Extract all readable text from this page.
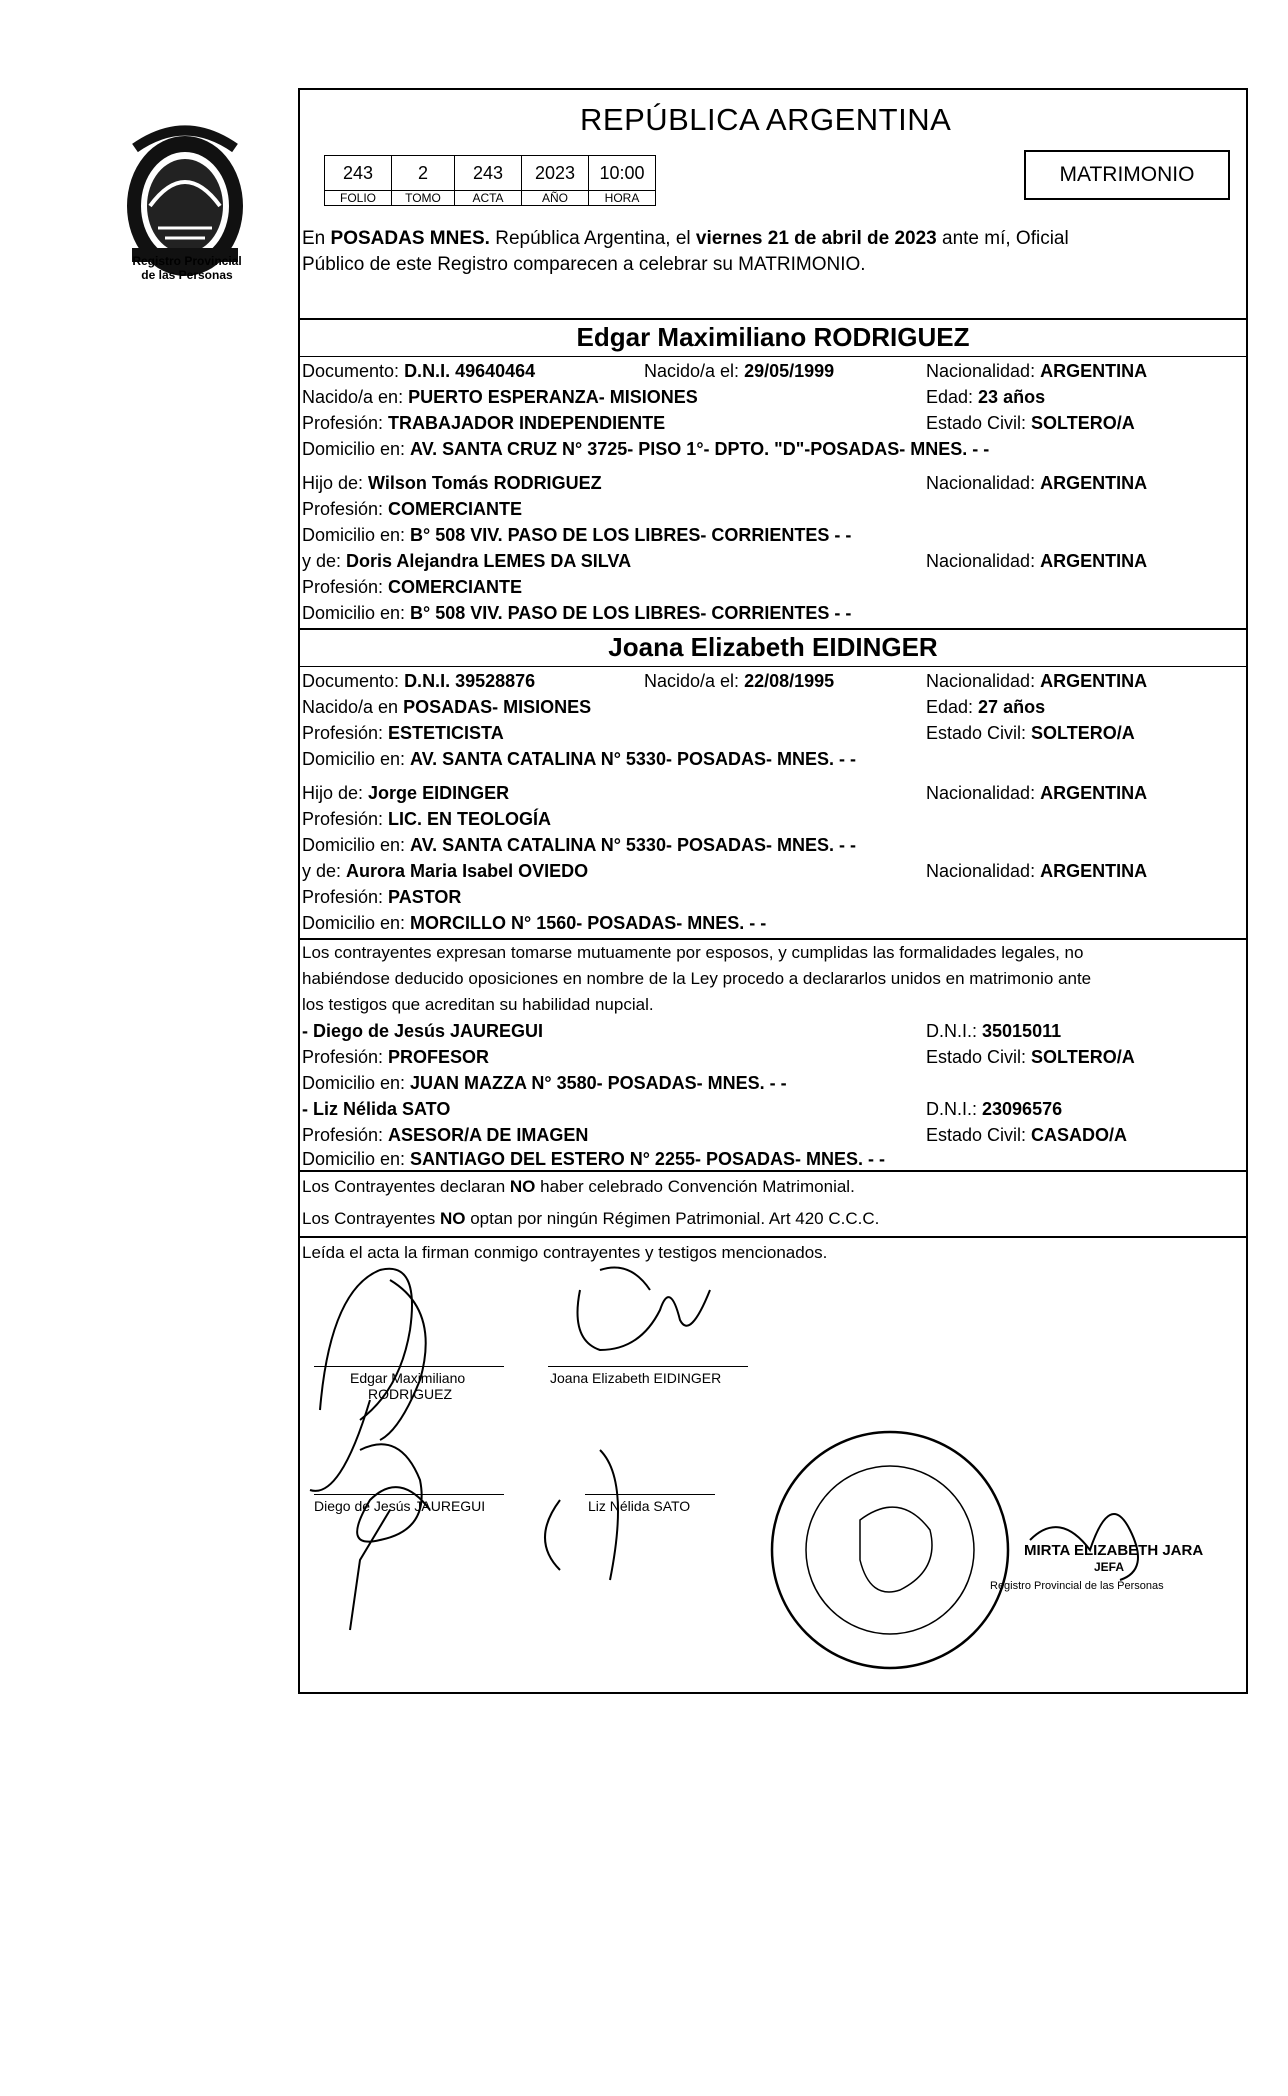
Registro Provincial
de las Personas
REPÚBLICA ARGENTINA
243	2	243	2023	10:00
FOLIO	TOMO	ACTA	AÑO	HORA
MATRIMONIO
En POSADAS MNES. República Argentina, el viernes 21 de abril de 2023 ante mí, Oficial
Público de este Registro comparecen a celebrar su MATRIMONIO.
Edgar Maximiliano RODRIGUEZ
Documento: D.N.I. 49640464	Nacido/a el: 29/05/1999	Nacionalidad: ARGENTINA
Nacido/a en: PUERTO ESPERANZA- MISIONES	Edad: 23 años
Profesión: TRABAJADOR INDEPENDIENTE	Estado Civil: SOLTERO/A
Domicilio en: AV. SANTA CRUZ N° 3725- PISO 1°- DPTO. "D"-POSADAS- MNES. - -
Hijo de: Wilson Tomás RODRIGUEZ	Nacionalidad: ARGENTINA
Profesión: COMERCIANTE
Domicilio en: B° 508 VIV. PASO DE LOS LIBRES- CORRIENTES - -
y de: Doris Alejandra LEMES DA SILVA	Nacionalidad: ARGENTINA
Profesión: COMERCIANTE
Domicilio en: B° 508 VIV. PASO DE LOS LIBRES- CORRIENTES - -
Joana Elizabeth EIDINGER
Documento: D.N.I. 39528876	Nacido/a el: 22/08/1995	Nacionalidad: ARGENTINA
Nacido/a en POSADAS- MISIONES	Edad: 27 años
Profesión: ESTETICISTA	Estado Civil: SOLTERO/A
Domicilio en: AV. SANTA CATALINA N° 5330- POSADAS- MNES. - -
Hijo de: Jorge EIDINGER	Nacionalidad: ARGENTINA
Profesión: LIC. EN TEOLOGÍA
Domicilio en: AV. SANTA CATALINA N° 5330- POSADAS- MNES. - -
y de: Aurora Maria Isabel OVIEDO	Nacionalidad: ARGENTINA
Profesión: PASTOR
Domicilio en: MORCILLO N° 1560- POSADAS- MNES. - -
Los contrayentes expresan tomarse mutuamente por esposos, y cumplidas las formalidades legales, no
habiéndose deducido oposiciones en nombre de la Ley procedo a declararlos unidos en matrimonio ante
los testigos que acreditan su habilidad nupcial.
- Diego de Jesús JAUREGUI	D.N.I.: 35015011
Profesión: PROFESOR	Estado Civil: SOLTERO/A
Domicilio en: JUAN MAZZA N° 3580- POSADAS- MNES. - -
- Liz Nélida SATO	D.N.I.: 23096576
Profesión: ASESOR/A DE IMAGEN	Estado Civil: CASADO/A
Domicilio en: SANTIAGO DEL ESTERO N° 2255- POSADAS- MNES. - -
Los Contrayentes declaran NO haber celebrado Convención Matrimonial.
Los Contrayentes NO optan por ningún Régimen Patrimonial. Art 420 C.C.C.
Leída el acta la firman conmigo contrayentes y testigos mencionados.
Edgar Maximiliano
RODRIGUEZ
Joana Elizabeth EIDINGER
Diego de Jesús JAUREGUI	Liz Nélida SATO
MIRTA ELIZABETH JARA
JEFA
Registro Provincial de las Personas
